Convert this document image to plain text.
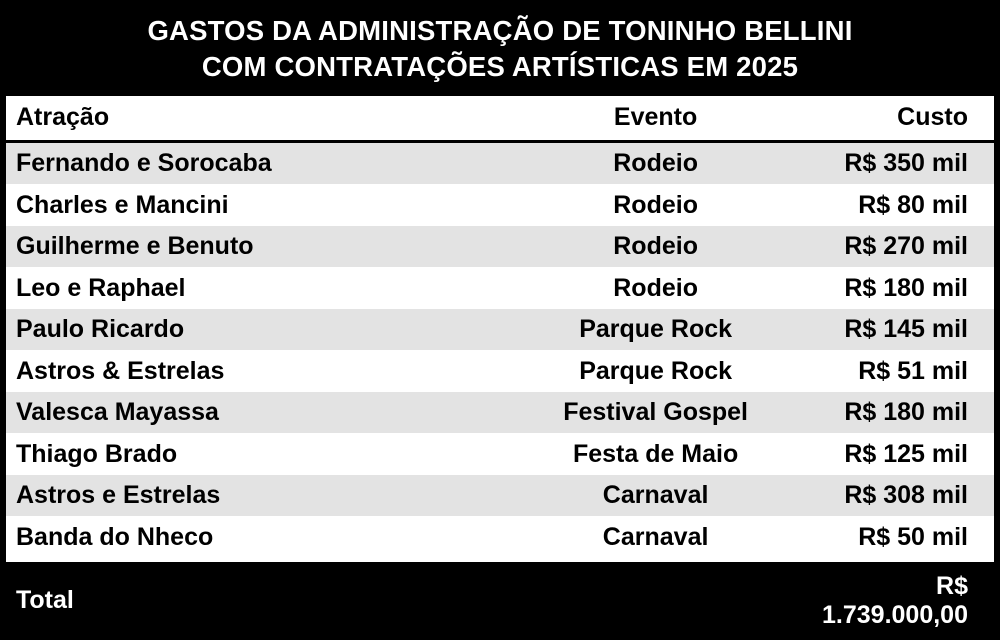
GASTOS DA ADMINISTRAÇÃO DE TONINHO BELLINI
COM CONTRATAÇÕES ARTÍSTICAS EM 2025
Atração	Evento	Custo
Fernando e Sorocaba	Rodeio	R$ 350 mil
Charles e Mancini	Rodeio	R$ 80 mil
Guilherme e Benuto	Rodeio	R$ 270 mil
Leo e Raphael	Rodeio	R$ 180 mil
Paulo Ricardo	Parque Rock	R$ 145 mil
Astros & Estrelas	Parque Rock	R$ 51 mil
Valesca Mayassa	Festival Gospel	R$ 180 mil
Thiago Brado	Festa de Maio	R$ 125 mil
Astros e Estrelas	Carnaval	R$ 308 mil
Banda do Nheco	Carnaval	R$ 50 mil

Total		R$ 1.739.000,00
